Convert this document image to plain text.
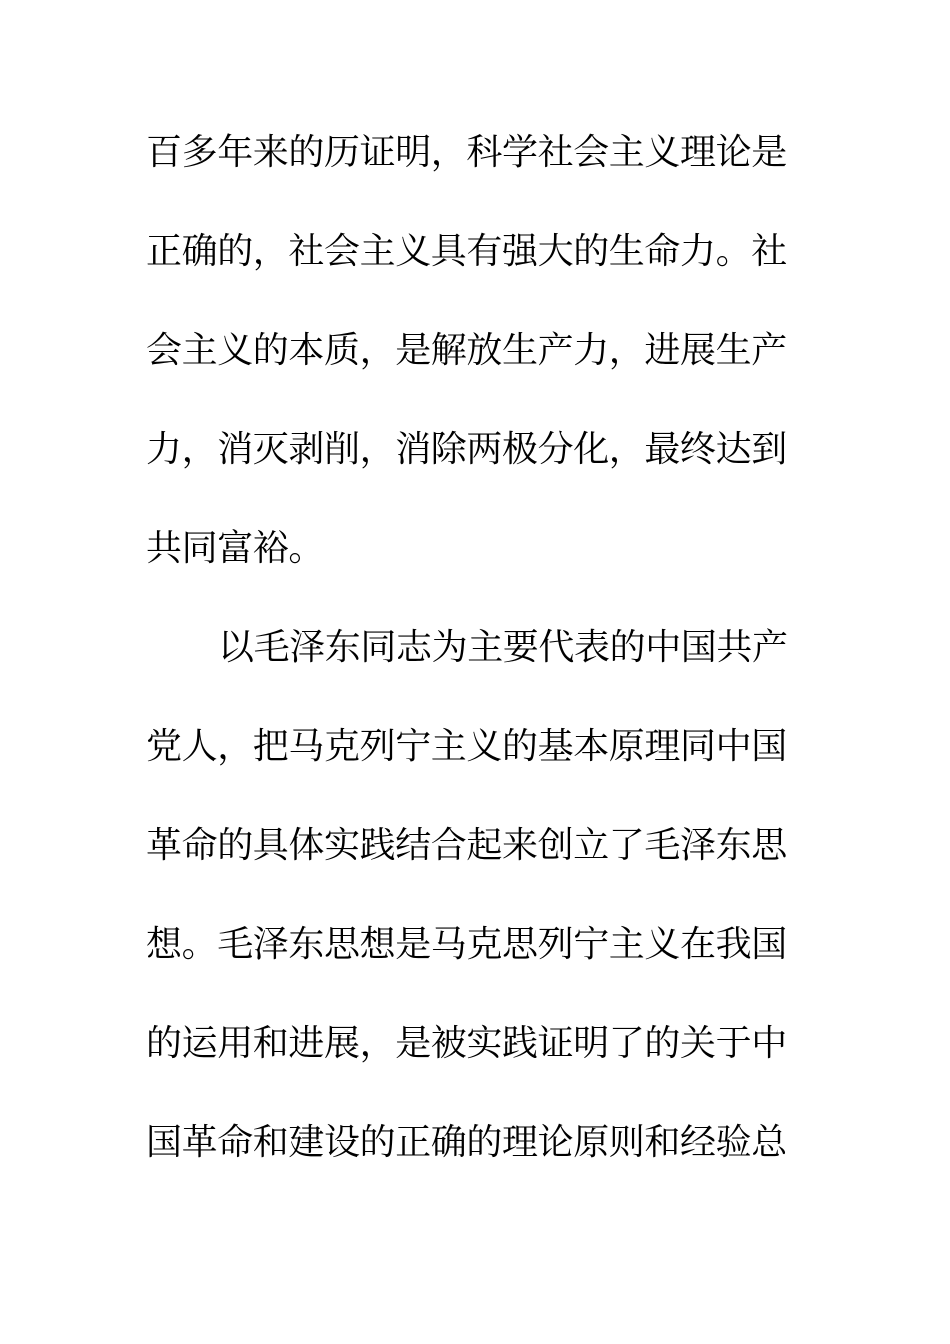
百多年来的历证明，科学社会主义理论是
正确的，社会主义具有强大的生命力。社
会主义的本质，是解放生产力，进展生产
力，消灭剥削，消除两极分化，最终达到
共同富裕。
以毛泽东同志为主要代表的中国共产
党人，把马克列宁主义的基本原理同中国
革命的具体实践结合起来创立了毛泽东思
想。毛泽东思想是马克思列宁主义在我国
的运用和进展，是被实践证明了的关于中
国革命和建设的正确的理论原则和经验总
